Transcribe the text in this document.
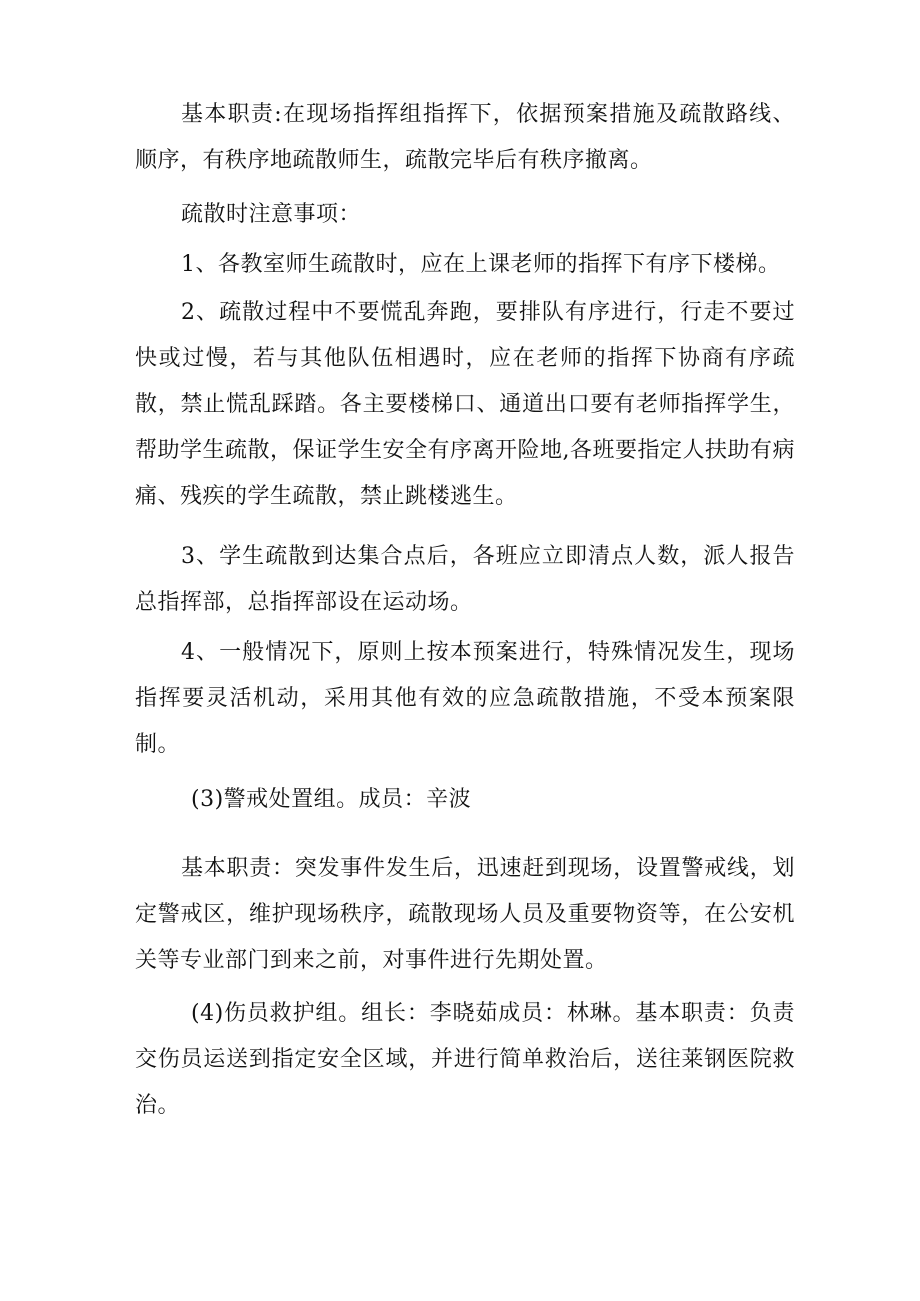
基本职责:在现场指挥组指挥下，依据预案措施及疏散路线、顺序，有秩序地疏散师生，疏散完毕后有秩序撤离。

疏散时注意事项：

1、各教室师生疏散时，应在上课老师的指挥下有序下楼梯。

2、疏散过程中不要慌乱奔跑，要排队有序进行，行走不要过快或过慢，若与其他队伍相遇时，应在老师的指挥下协商有序疏散，禁止慌乱踩踏。各主要楼梯口、通道出口要有老师指挥学生，帮助学生疏散，保证学生安全有序离开险地,各班要指定人扶助有病痛、残疾的学生疏散，禁止跳楼逃生。

3、学生疏散到达集合点后，各班应立即清点人数，派人报告总指挥部，总指挥部设在运动场。

4、一般情况下，原则上按本预案进行，特殊情况发生，现场指挥要灵活机动，采用其他有效的应急疏散措施，不受本预案限制。

(3)警戒处置组。成员：辛波

基本职责：突发事件发生后，迅速赶到现场，设置警戒线，划定警戒区，维护现场秩序，疏散现场人员及重要物资等，在公安机关等专业部门到来之前，对事件进行先期处置。

(4)伤员救护组。组长：李晓茹成员：林琳。基本职责：负责交伤员运送到指定安全区域，并进行简单救治后，送往莱钢医院救治。
